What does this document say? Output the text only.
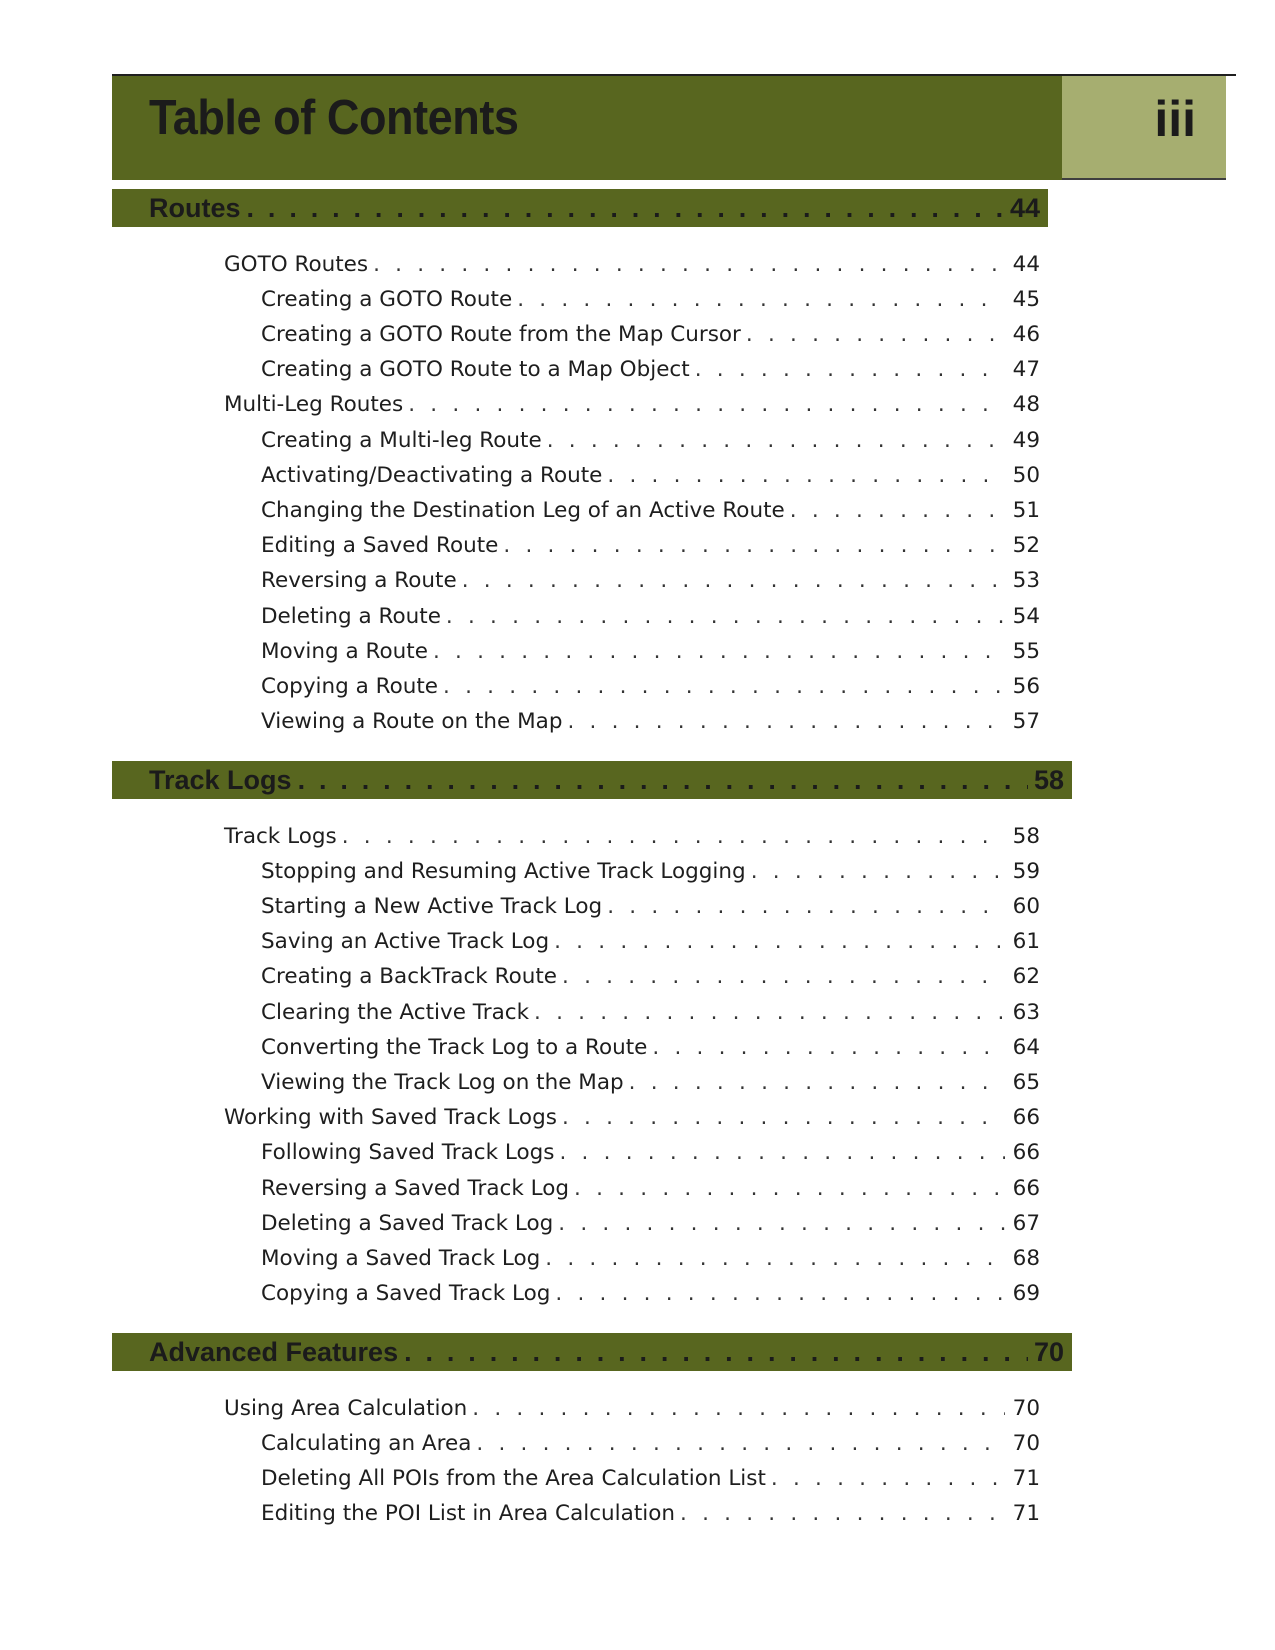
Table of Contents	iii
Routes . . .	44
GOTO Routes . . .	44
Creating a GOTO Route . . .	45
Creating a GOTO Route from the Map Cursor . . .	46
Creating a GOTO Route to a Map Object . . .	47
Multi-Leg Routes . . .	48
Creating a Multi-leg Route . . .	49
Activating/Deactivating a Route . . .	50
Changing the Destination Leg of an Active Route . . .	51
Editing a Saved Route . . .	52
Reversing a Route . . .	53
Deleting a Route . . .	54
Moving a Route . . .	55
Copying a Route . . .	56
Viewing a Route on the Map . . .	57
Track Logs . . .	58
Track Logs . . .	58
Stopping and Resuming Active Track Logging . . .	59
Starting a New Active Track Log . . .	60
Saving an Active Track Log . . .	61
Creating a BackTrack Route . . .	62
Clearing the Active Track . . .	63
Converting the Track Log to a Route . . .	64
Viewing the Track Log on the Map . . .	65
Working with Saved Track Logs . . .	66
Following Saved Track Logs . . .	66
Reversing a Saved Track Log . . .	66
Deleting a Saved Track Log . . .	67
Moving a Saved Track Log . . .	68
Copying a Saved Track Log . . .	69
Advanced Features . . .	70
Using Area Calculation . . .	70
Calculating an Area . . .	70
Deleting All POIs from the Area Calculation List . . .	71
Editing the POI List in Area Calculation . . .	71
